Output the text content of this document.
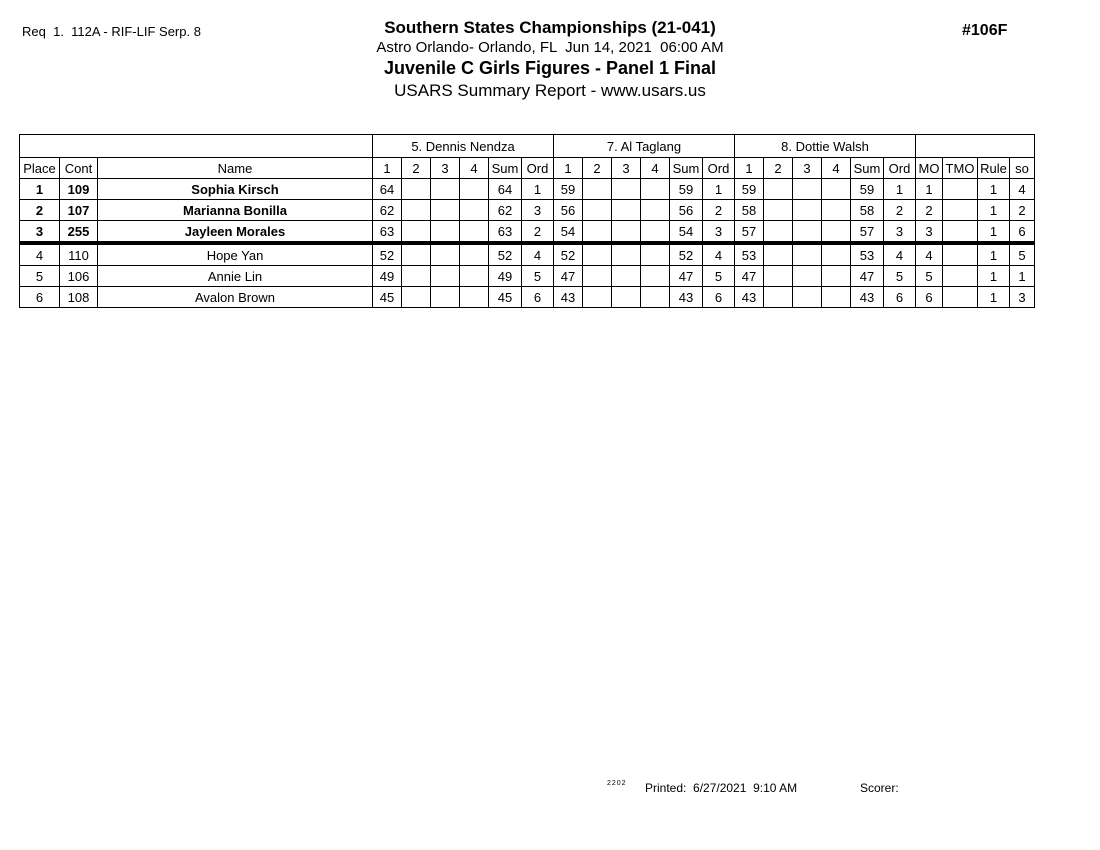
Req  1.  112A - RIF-LIF Serp. 8	#106F
Southern States Championships (21-041)
Astro Orlando- Orlando, FL  Jun 14, 2021  06:00 AM
Juvenile C Girls Figures - Panel 1 Final
USARS Summary Report - www.usars.us
			5. Dennis Nendza						7. Al Taglang						8. Dottie Walsh									
Place	Cont	Name	1	2	3	4	Sum	Ord	1	2	3	4	Sum	Ord	1	2	3	4	Sum	Ord	MO	TMO	Rule	so
1	109	Sophia Kirsch	64				64	1	59				59	1	59				59	1	1		1	4
2	107	Marianna Bonilla	62				62	3	56				56	2	58				58	2	2		1	2
3	255	Jayleen Morales	63				63	2	54				54	3	57				57	3	3		1	6
4	110	Hope Yan	52				52	4	52				52	4	53				53	4	4		1	5
5	106	Annie Lin	49				49	5	47				47	5	47				47	5	5		1	1
6	108	Avalon Brown	45				45	6	43				43	6	43				43	6	6		1	3
2202 Printed:  6/27/2021  9:10 AM	Scorer:
